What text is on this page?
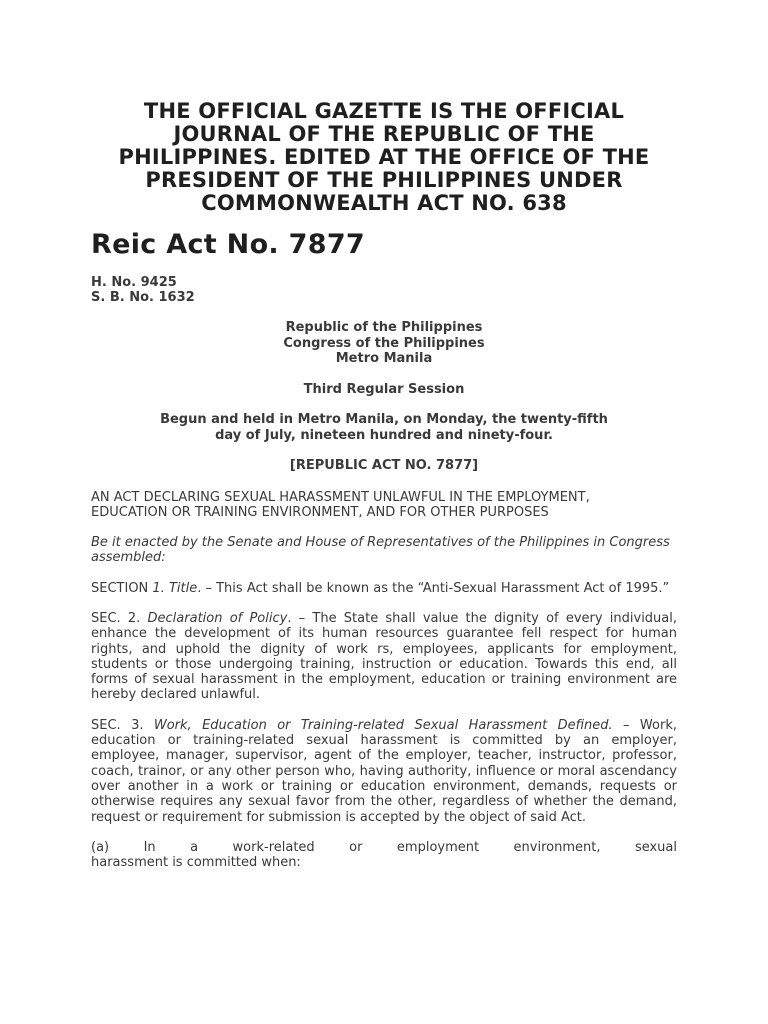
THE OFFICIAL GAZETTE IS THE OFFICIAL
JOURNAL OF THE REPUBLIC OF THE
PHILIPPINES. EDITED AT THE OFFICE OF THE
PRESIDENT OF THE PHILIPPINES UNDER
COMMONWEALTH ACT NO. 638
Reic Act No. 7877
H. No. 9425
S. B. No. 1632
Republic of the Philippines
Congress of the Philippines
Metro Manila
Third Regular Session
Begun and held in Metro Manila, on Monday, the twenty-fifth
day of July, nineteen hundred and ninety-four.
[REPUBLIC ACT NO. 7877]
AN ACT DECLARING SEXUAL HARASSMENT UNLAWFUL IN THE EMPLOYMENT,
EDUCATION OR TRAINING ENVIRONMENT, AND FOR OTHER PURPOSES

Be it enacted by the Senate and House of Representatives of the Philippines in Congress assembled:

SECTION 1. Title. – This Act shall be known as the “Anti-Sexual Harassment Act of 1995.”

SEC. 2. Declaration of Policy. – The State shall value the dignity of every individual, enhance the development of its human resources guarantee fell respect for human rights, and uphold the dignity of work rs, employees, applicants for employment, students or those undergoing training, instruction or education. Towards this end, all forms of sexual harassment in the employment, education or training environment are hereby declared unlawful.

SEC. 3. Work, Education or Training-related Sexual Harassment Defined. – Work, education or training-related sexual harassment is committed by an employer, employee, manager, supervisor, agent of the employer, teacher, instructor, professor, coach, trainor, or any other person who, having authority, influence or moral ascendancy over another in a work or training or education environment, demands, requests or otherwise requires any sexual favor from the other, regardless of whether the demand, request or requirement for submission is accepted by the object of said Act.

(a) In a work-related or employment environment, sexual
harassment is committed when:
